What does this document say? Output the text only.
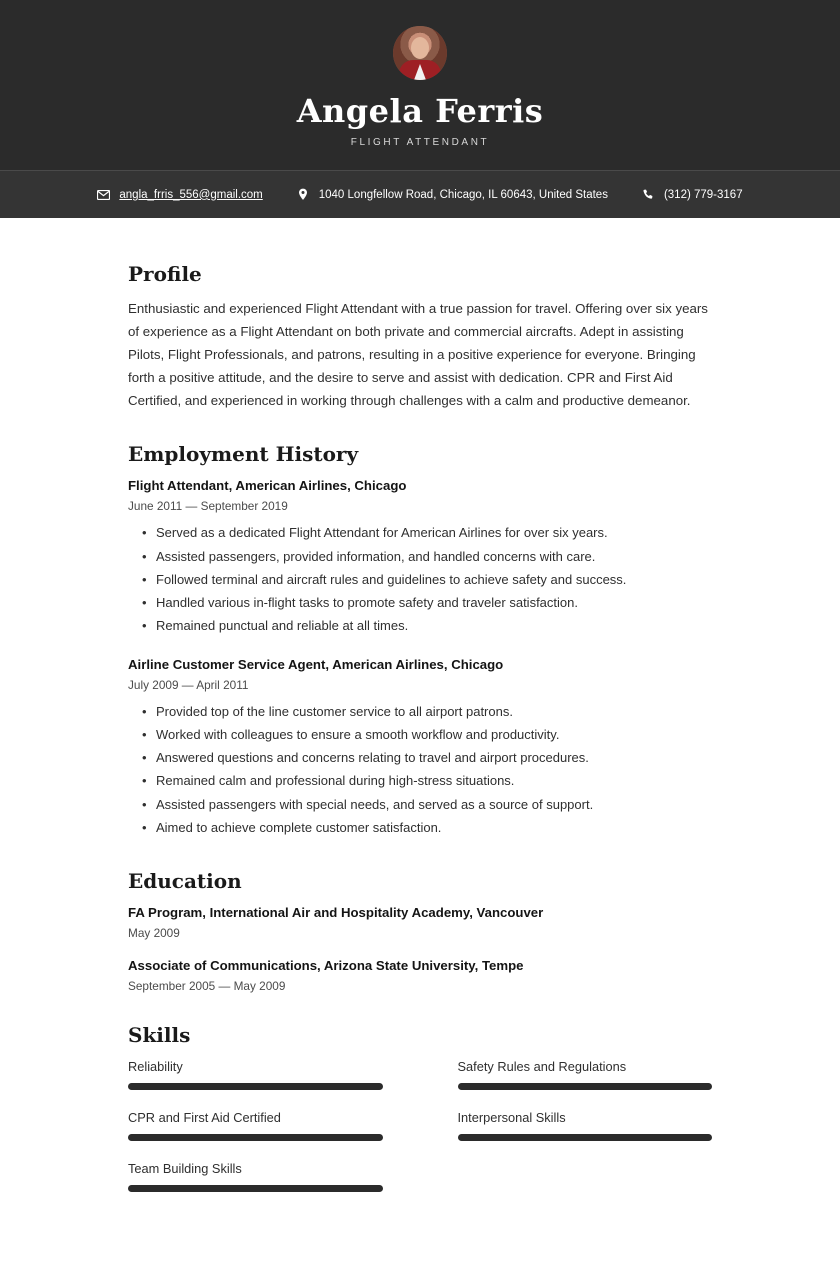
Angela Ferris
FLIGHT ATTENDANT
angla_frris_556@gmail.com	1040 Longfellow Road, Chicago, IL 60643, United States	(312) 779-3167
Profile

Enthusiastic and experienced Flight Attendant with a true passion for travel. Offering over six years of experience as a Flight Attendant on both private and commercial aircrafts. Adept in assisting Pilots, Flight Professionals, and patrons, resulting in a positive experience for everyone. Bringing forth a positive attitude, and the desire to serve and assist with dedication. CPR and First Aid Certified, and experienced in working through challenges with a calm and productive demeanor.

Employment History
Flight Attendant, American Airlines, Chicago
June 2011 — September 2019
• Served as a dedicated Flight Attendant for American Airlines for over six years.
• Assisted passengers, provided information, and handled concerns with care.
• Followed terminal and aircraft rules and guidelines to achieve safety and success.
• Handled various in-flight tasks to promote safety and traveler satisfaction.
• Remained punctual and reliable at all times.
Airline Customer Service Agent, American Airlines, Chicago
July 2009 — April 2011
• Provided top of the line customer service to all airport patrons.
• Worked with colleagues to ensure a smooth workflow and productivity.
• Answered questions and concerns relating to travel and airport procedures.
• Remained calm and professional during high-stress situations.
• Assisted passengers with special needs, and served as a source of support.
• Aimed to achieve complete customer satisfaction.
Education
FA Program, International Air and Hospitality Academy, Vancouver
May 2009
Associate of Communications, Arizona State University, Tempe
September 2005 — May 2009
Skills
Reliability	Safety Rules and Regulations
CPR and First Aid Certified	Interpersonal Skills
Team Building Skills
